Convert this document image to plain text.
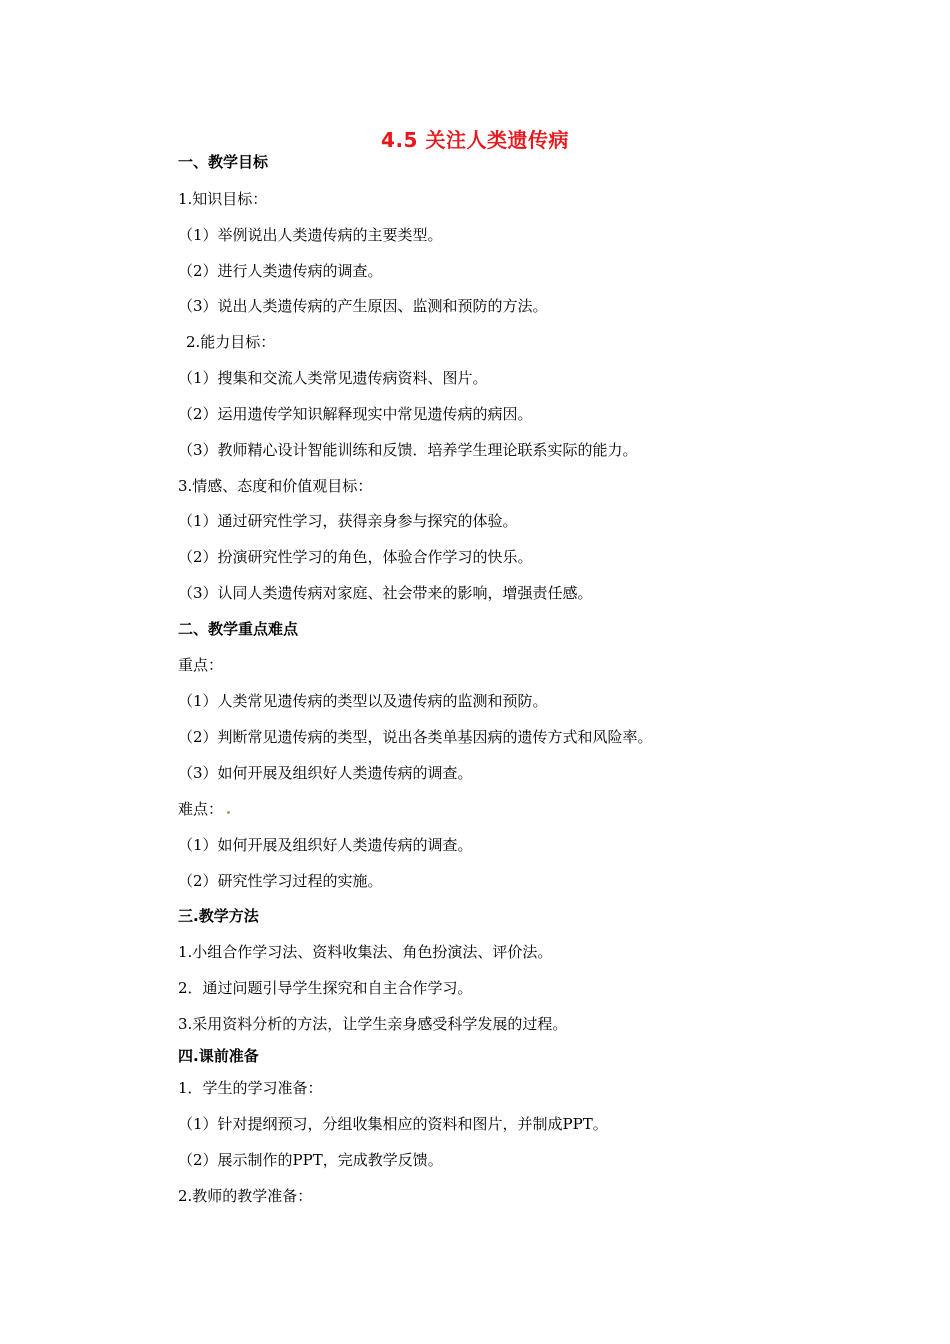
4.5 关注人类遗传病
一、教学目标
1.知识目标：
（1）举例说出人类遗传病的主要类型。
（2）进行人类遗传病的调查。
（3）说出人类遗传病的产生原因、监测和预防的方法。
2.能力目标：
（1）搜集和交流人类常见遗传病资料、图片。
（2）运用遗传学知识解释现实中常见遗传病的病因。
（3）教师精心设计智能训练和反馈．培养学生理论联系实际的能力。
3.情感、态度和价值观目标：
（1）通过研究性学习，获得亲身参与探究的体验。
（2）扮演研究性学习的角色，体验合作学习的快乐。
（3）认同人类遗传病对家庭、社会带来的影响，增强责任感。
二、教学重点难点
重点：
（1）人类常见遗传病的类型以及遗传病的监测和预防。
（2）判断常见遗传病的类型，说出各类单基因病的遗传方式和风险率。
（3）如何开展及组织好人类遗传病的调查。
难点：
（1）如何开展及组织好人类遗传病的调查。
（2）研究性学习过程的实施。
三.教学方法
1.小组合作学习法、资料收集法、角色扮演法、评价法。
2．通过问题引导学生探究和自主合作学习。
3.采用资料分析的方法，让学生亲身感受科学发展的过程。
四.课前准备
1．学生的学习准备：
（1）针对提纲预习，分组收集相应的资料和图片，并制成PPT。
（2）展示制作的PPT，完成教学反馈。
2.教师的教学准备：
